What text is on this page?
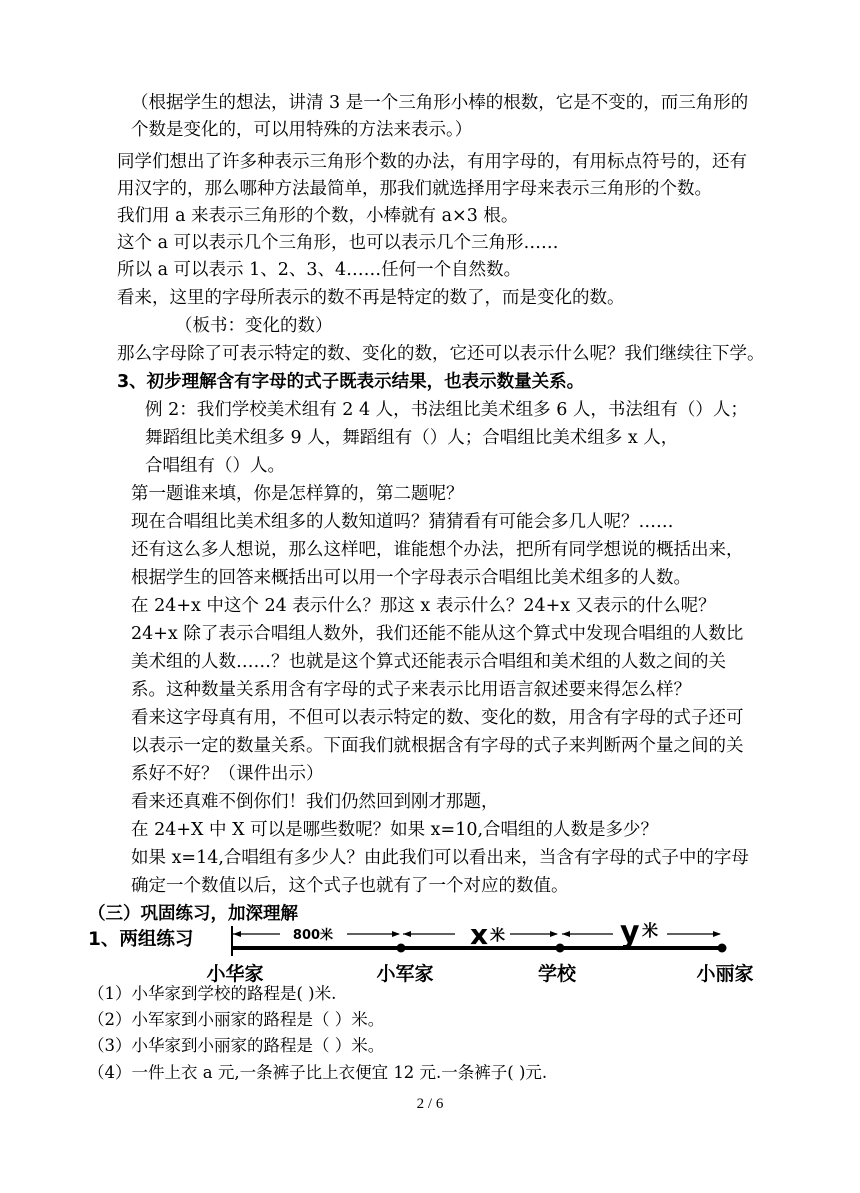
（根据学生的想法，讲清 3 是一个三角形小棒的根数，它是不变的，而三角形的
个数是变化的，可以用特殊的方法来表示。）
同学们想出了许多种表示三角形个数的办法，有用字母的，有用标点符号的，还有
用汉字的，那么哪种方法最简单，那我们就选择用字母来表示三角形的个数。
我们用 a 来表示三角形的个数，小棒就有 a×3 根。
这个 a 可以表示几个三角形，也可以表示几个三角形……
所以 a 可以表示 1、2、3、4……任何一个自然数。
看来，这里的字母所表示的数不再是特定的数了，而是变化的数。
（板书：变化的数）
那么字母除了可表示特定的数、变化的数，它还可以表示什么呢？我们继续往下学。
3、初步理解含有字母的式子既表示结果，也表示数量关系。
例 2：我们学校美术组有 2 4 人，书法组比美术组多 6 人，书法组有（）人；
舞蹈组比美术组多 9 人，舞蹈组有（）人；合唱组比美术组多 x 人，
合唱组有（）人。
第一题谁来填，你是怎样算的，第二题呢？
现在合唱组比美术组多的人数知道吗？猜猜看有可能会多几人呢？……
还有这么多人想说，那么这样吧，谁能想个办法，把所有同学想说的概括出来，
根据学生的回答来概括出可以用一个字母表示合唱组比美术组多的人数。
在 24+x 中这个 24 表示什么？那这 x 表示什么？24+x 又表示的什么呢？
24+x 除了表示合唱组人数外，我们还能不能从这个算式中发现合唱组的人数比
美术组的人数……？也就是这个算式还能表示合唱组和美术组的人数之间的关
系。这种数量关系用含有字母的式子来表示比用语言叙述要来得怎么样？
看来这字母真有用，不但可以表示特定的数、变化的数，用含有字母的式子还可
以表示一定的数量关系。下面我们就根据含有字母的式子来判断两个量之间的关
系好不好？（课件出示）
看来还真难不倒你们！我们仍然回到刚才那题，
在 24+X 中 X 可以是哪些数呢？如果 x=10,合唱组的人数是多少？
如果 x=14,合唱组有多少人？由此我们可以看出来，当含有字母的式子中的字母
确定一个数值以后，这个式子也就有了一个对应的数值。
（三）巩固练习，加深理解
1、两组练习	800米	x 米	y 米
小华家	小军家	学校	小丽家
（1）小华家到学校的路程是( )米.
（2）小军家到小丽家的路程是（ ）米。
（3）小华家到小丽家的路程是（ ）米。
（4）一件上衣 a 元,一条裤子比上衣便宜 12 元.一条裤子( )元.
2 / 6
